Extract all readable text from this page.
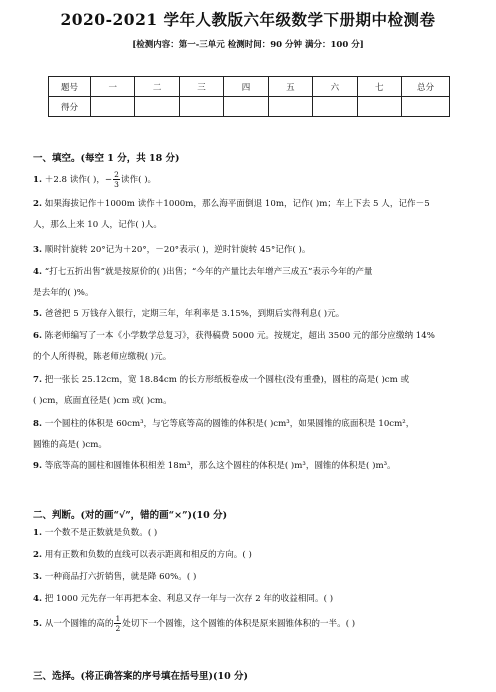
2020-2021 学年人教版六年级数学下册期中检测卷
[检测内容：第一-三单元 检测时间：90 分钟 满分：100 分]
题号	一	二	三	四	五	六	七	总分
得分								
一、填空。(每空 1 分，共 18 分)
1. ＋2.8 读作( )，− $\frac{2}{3}$ 读作( )。
2. 如果海拔记作＋1000m 读作＋1000m，那么海平面倒退 10m，记作( )m；车上下去 5 人，记作－5
人，那么上来 10 人，记作( )人。
3. 顺时针旋转 20°记为＋20°，－20°表示( )，逆时针旋转 45°记作( )。
4. “打七五折出售”就是按原价的( )出售；“今年的产量比去年增产三成五”表示今年的产量
是去年的( )%。
5. 爸爸把 5 万钱存入银行，定期三年，年利率是 3.15%，到期后实得利息( )元。
6. 陈老师编写了一本《小学数学总复习》，获得稿费 5000 元。按规定，超出 3500 元的部分应缴纳 14%
的个人所得税，陈老师应缴税( )元。
7. 把一张长 25.12cm，宽 18.84cm 的长方形纸板卷成一个圆柱(没有重叠)，圆柱的高是( )cm 或
( )cm，底面直径是( )cm 或( )cm。
8. 一个圆柱的体积是 60cm³，与它等底等高的圆锥的体积是( )cm³，如果圆锥的底面积是 10cm²，
圆锥的高是( )cm。
9. 等底等高的圆柱和圆锥体积相差 18m³，那么这个圆柱的体积是( )m³，圆锥的体积是( )m³。
二、判断。(对的画“√”，错的画“×”)(10 分)
1. 一个数不是正数就是负数。( )
2. 用有正数和负数的直线可以表示距离和相反的方向。( )
3. 一种商品打六折销售，就是降 60%。( )
4. 把 1000 元先存一年再把本金、利息又存一年与一次存 2 年的收益相同。( )
5. 从一个圆锥的高的 $\frac{1}{2}$ 处切下一个圆锥，这个圆锥的体积是原来圆锥体积的一半。( )
三、选择。(将正确答案的序号填在括号里)(10 分)
